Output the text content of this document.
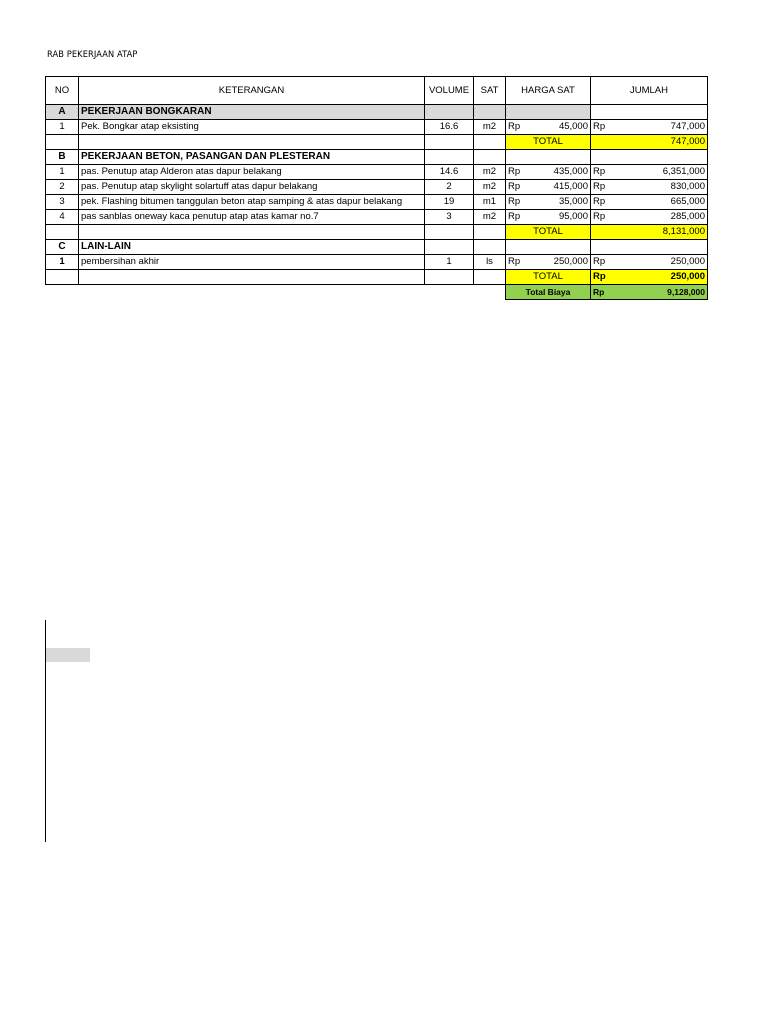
RAB PEKERJAAN ATAP
NO	KETERANGAN	VOLUME	SAT	HARGA SAT	JUMLAH
A	PEKERJAAN BONGKARAN				
1	Pek. Bongkar atap eksisting	16.6	m2	Rp 45,000	Rp 747,000

				TOTAL	747,000
B	PEKERJAAN BETON, PASANGAN DAN PLESTERAN				
1	pas. Penutup atap Alderon atas dapur belakang	14.6	m2	Rp 435,000	Rp 6,351,000

2	pas. Penutup atap skylight solartuff atas dapur belakang	2	m2	Rp 415,000	Rp 830,000

3	pek. Flashing bitumen tanggulan beton atap samping & atas dapur belakang	19	m1	Rp 35,000	Rp 665,000

4	pas sanblas oneway kaca penutup atap atas kamar no.7	3	m2	Rp 95,000	Rp 285,000

				TOTAL	8,131,000
C	LAIN-LAIN				
1	pembersihan akhir	1	ls	Rp 250,000	Rp 250,000

				TOTAL	Rp 250,000

				Total Biaya	Rp 9,128,000
